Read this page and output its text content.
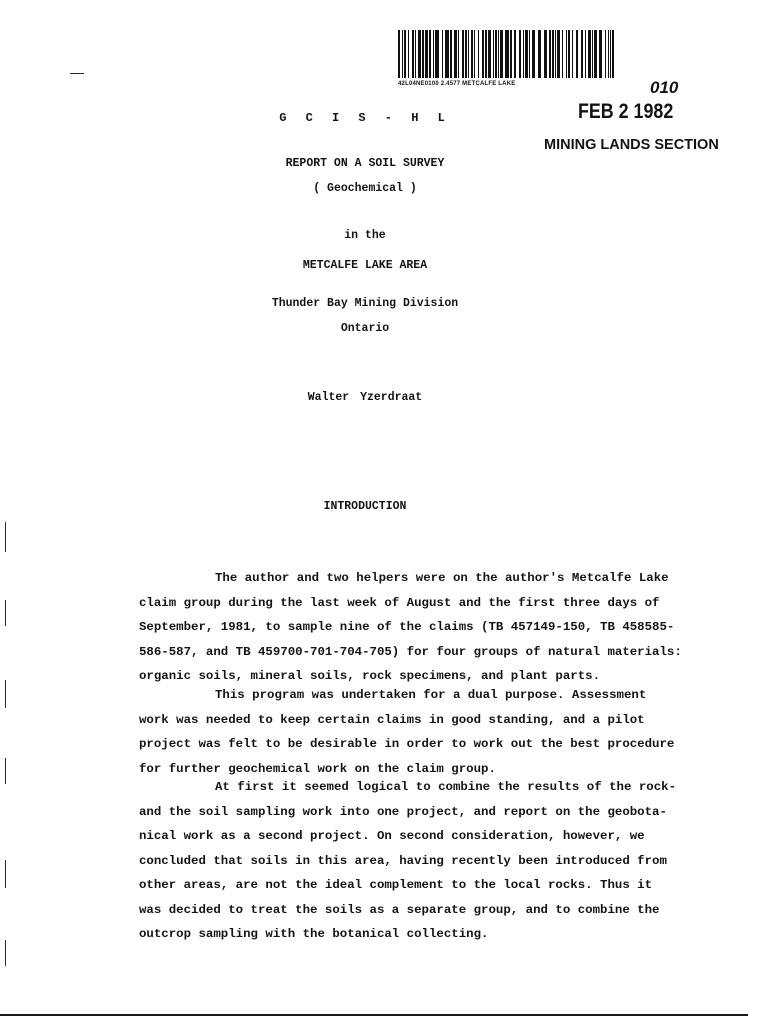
42L04NE0100 2.4577 METCALFE LAKE	010
FEB 2 1982
MINING LANDS SECTION
G C I S - H L
REPORT ON A SOIL SURVEY
( Geochemical )
in the
METCALFE LAKE AREA
Thunder Bay Mining Division
Ontario
Walter Yzerdraat
INTRODUCTION

The author and two helpers were on the author's Metcalfe Lake
claim group during the last week of August and the first three days of
September, 1981, to sample nine of the claims (TB 457149-150, TB 458585-
586-587, and TB 459700-701-704-705) for four groups of natural materials:
organic soils, mineral soils, rock specimens, and plant parts.

This program was undertaken for a dual purpose. Assessment
work was needed to keep certain claims in good standing, and a pilot
project was felt to be desirable in order to work out the best procedure
for further geochemical work on the claim group.

At first it seemed logical to combine the results of the rock-
and the soil sampling work into one project, and report on the geobota-
nical work as a second project. On second consideration, however, we
concluded that soils in this area, having recently been introduced from
other areas, are not the ideal complement to the local rocks. Thus it
was decided to treat the soils as a separate group, and to combine the
outcrop sampling with the botanical collecting.
